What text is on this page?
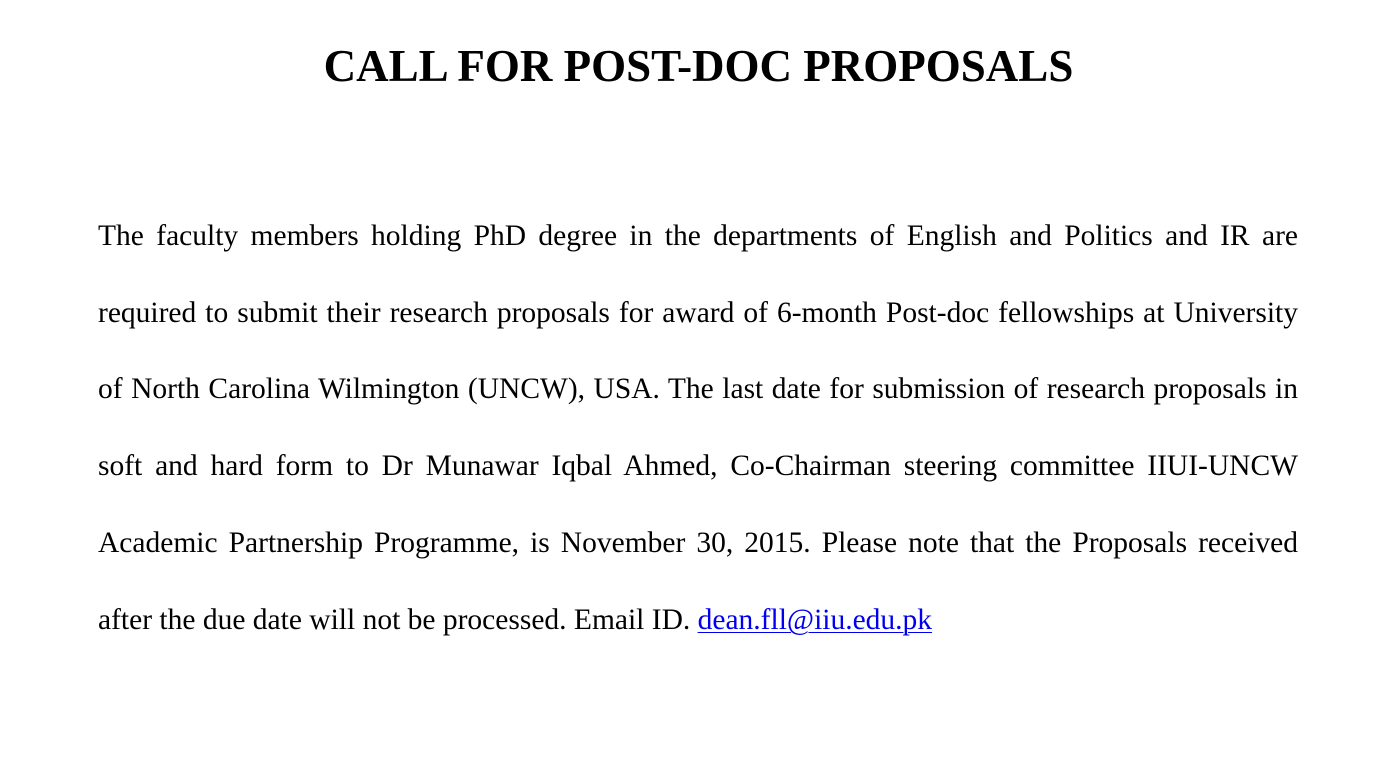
CALL FOR POST-DOC PROPOSALS

The faculty members holding PhD degree in the departments of English and Politics and IR are required to submit their research proposals for award of 6-month Post-doc fellowships at University of North Carolina Wilmington (UNCW), USA. The last date for submission of research proposals in soft and hard form to Dr Munawar Iqbal Ahmed, Co-Chairman steering committee IIUI-UNCW Academic Partnership Programme, is November 30, 2015. Please note that the Proposals received after the due date will not be processed. Email ID. dean.fll@iiu.edu.pk
